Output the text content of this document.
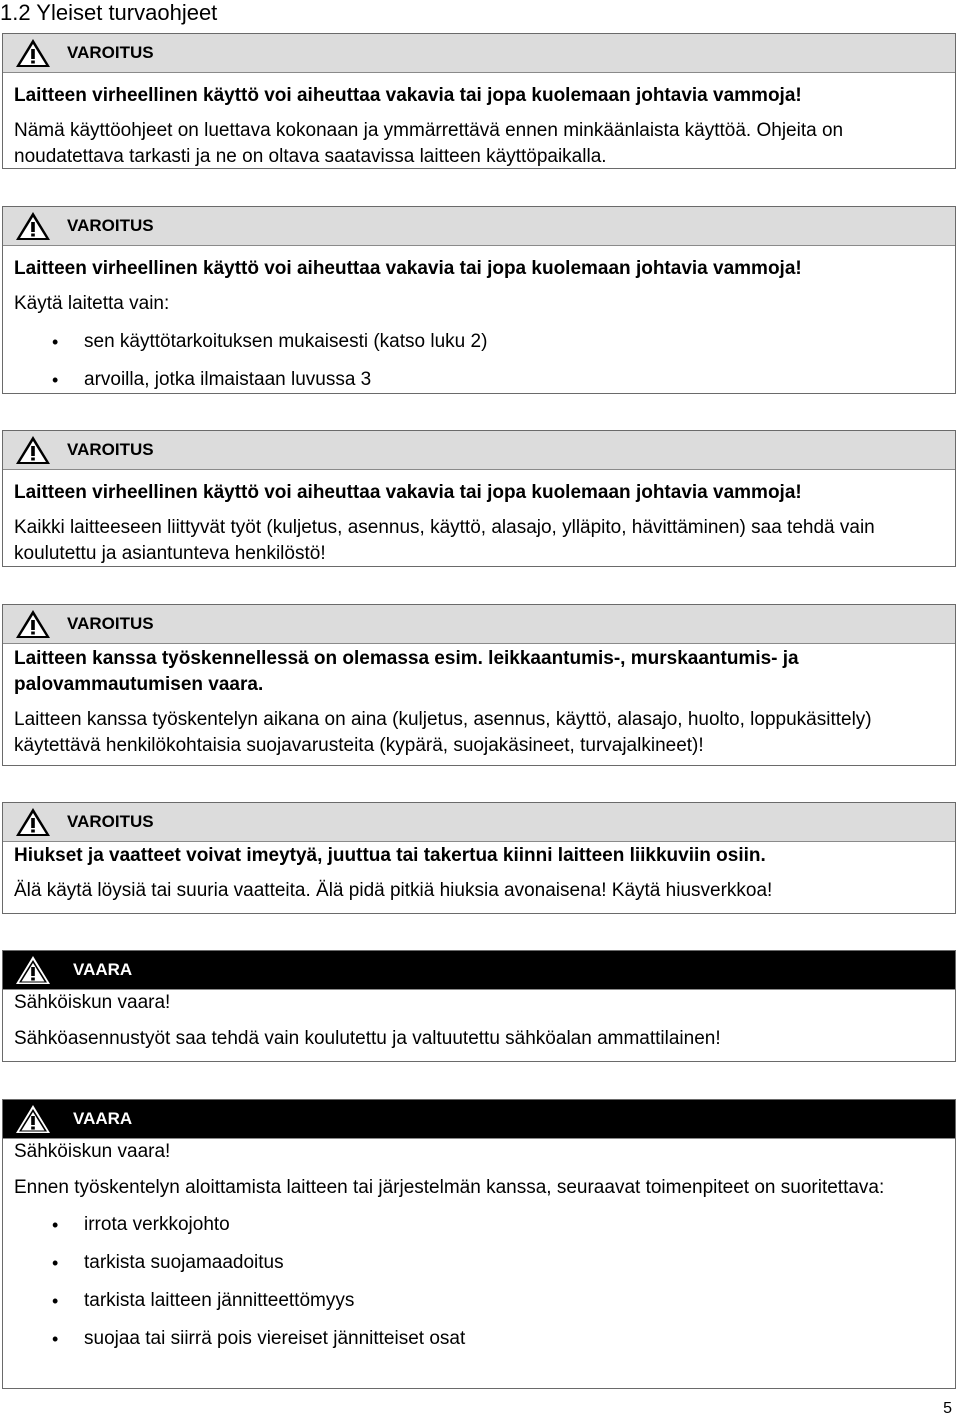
1.2 Yleiset turvaohjeet
VAROITUS

Laitteen virheellinen käyttö voi aiheuttaa vakavia tai jopa kuolemaan johtavia vammoja!

Nämä käyttöohjeet on luettava kokonaan ja ymmärrettävä ennen minkäänlaista käyttöä. Ohjeita on noudatettava tarkasti ja ne on oltava saatavissa laitteen käyttöpaikalla.

VAROITUS

Laitteen virheellinen käyttö voi aiheuttaa vakavia tai jopa kuolemaan johtavia vammoja!

Käytä laitetta vain:

• sen käyttötarkoituksen mukaisesti (katso luku 2)
• arvoilla, jotka ilmaistaan luvussa 3
VAROITUS

Laitteen virheellinen käyttö voi aiheuttaa vakavia tai jopa kuolemaan johtavia vammoja!

Kaikki laitteeseen liittyvät työt (kuljetus, asennus, käyttö, alasajo, ylläpito, hävittäminen) saa tehdä vain koulutettu ja asiantunteva henkilöstö!

VAROITUS

Laitteen kanssa työskennellessä on olemassa esim. leikkaantumis-, murskaantumis- ja palovammautumisen vaara.

Laitteen kanssa työskentelyn aikana on aina (kuljetus, asennus, käyttö, alasajo, huolto, loppukäsittely) käytettävä henkilökohtaisia suojavarusteita (kypärä, suojakäsineet, turvajalkineet)!

VAROITUS

Hiukset ja vaatteet voivat imeytyä, juuttua tai takertua kiinni laitteen liikkuviin osiin.

Älä käytä löysiä tai suuria vaatteita. Älä pidä pitkiä hiuksia avonaisena! Käytä hiusverkkoa!

VAARA

Sähköiskun vaara!

Sähköasennustyöt saa tehdä vain koulutettu ja valtuutettu sähköalan ammattilainen!

VAARA

Sähköiskun vaara!

Ennen työskentelyn aloittamista laitteen tai järjestelmän kanssa, seuraavat toimenpiteet on suoritettava:

• irrota verkkojohto
• tarkista suojamaadoitus
• tarkista laitteen jännitteettömyys
• suojaa tai siirrä pois viereiset jännitteiset osat
5
